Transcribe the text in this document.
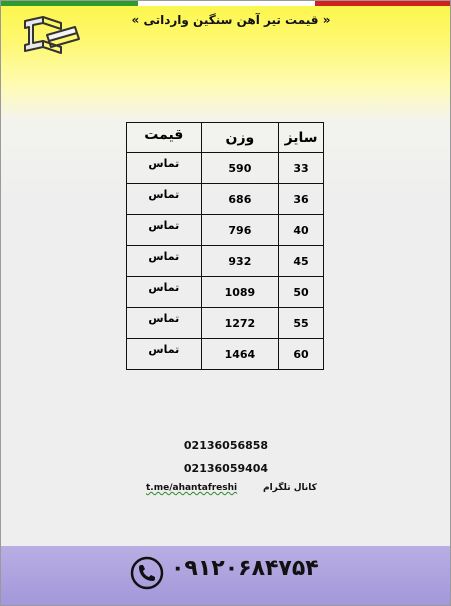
« قیمت تیر آهن سنگین وارداتی »
سایز	وزن	قیمت
33	590	تماس
36	686	تماس
40	796	تماس
45	932	تماس
50	1089	تماس
55	1272	تماس
60	1464	تماس
02136056858
02136059404
t.me/ahantafreshi	کانال تلگرام
۰۹۱۲۰۶۸۴۷۵۴
